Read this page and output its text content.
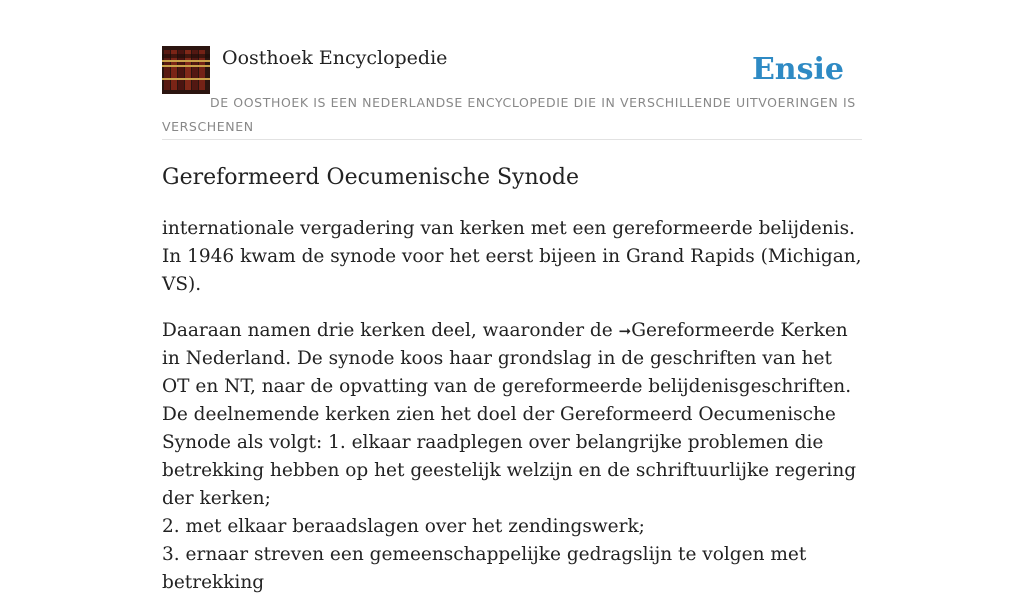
Oosthoek Encyclopedie	Ensie
DE OOSTHOEK IS EEN NEDERLANDSE ENCYCLOPEDIE DIE IN VERSCHILLENDE UITVOERINGEN IS VERSCHENEN
Gereformeerd Oecumenische Synode

internationale vergadering van kerken met een gereformeerde belijdenis. In 1946 kwam de synode voor het eerst bijeen in Grand Rapids (Michigan, VS).

Daaraan namen drie kerken deel, waaronder de ➞Gereformeerde Kerken in Nederland. De synode koos haar grondslag in de geschriften van het OT en NT, naar de opvatting van de gereformeerde belijdenisgeschriften. De deelnemende kerken zien het doel der Gereformeerd Oecumenische Synode als volgt: 1. elkaar raadplegen over belangrijke problemen die betrekking hebben op het geestelijk welzijn en de schriftuurlijke regering der kerken;
2. met elkaar beraadslagen over het zendingswerk;
3. ernaar streven een gemeenschappelijke gedragslijn te volgen met betrekking
